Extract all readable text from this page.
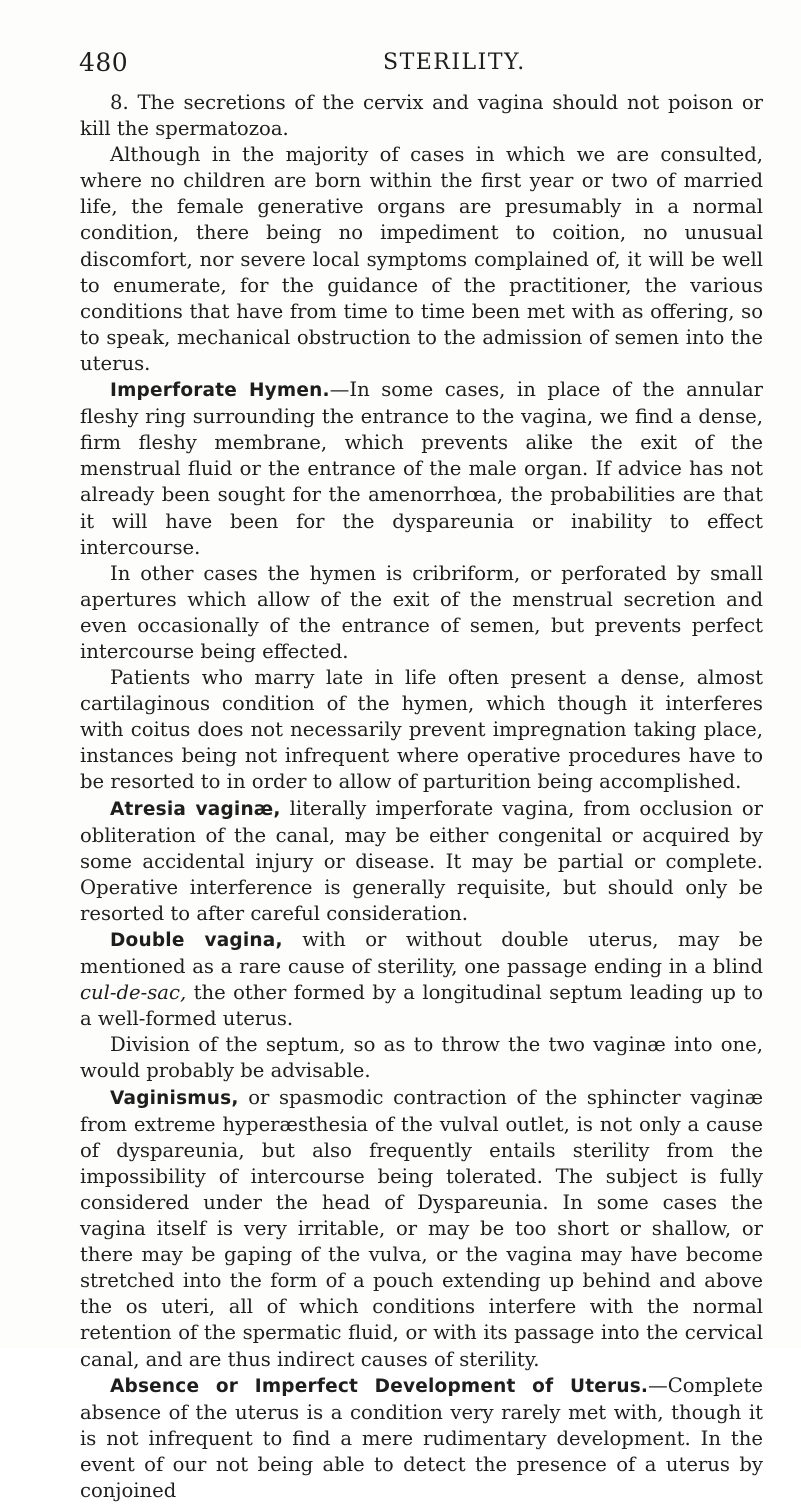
480	STERILITY.

8. The secretions of the cervix and vagina should not poison or kill the spermatozoa.

Although in the majority of cases in which we are consulted, where no children are born within the first year or two of married life, the female generative organs are presumably in a normal condition, there being no impediment to coition, no unusual discomfort, nor severe local symptoms complained of, it will be well to enumerate, for the guidance of the practitioner, the various conditions that have from time to time been met with as offering, so to speak, mechanical obstruction to the admission of semen into the uterus.

Imperforate Hymen.—In some cases, in place of the annular fleshy ring surrounding the entrance to the vagina, we find a dense, firm fleshy membrane, which prevents alike the exit of the menstrual fluid or the entrance of the male organ. If advice has not already been sought for the amenorrhœa, the probabilities are that it will have been for the dyspareunia or inability to effect intercourse.

In other cases the hymen is cribriform, or perforated by small apertures which allow of the exit of the menstrual secretion and even occasionally of the entrance of semen, but prevents perfect intercourse being effected.

Patients who marry late in life often present a dense, almost cartilaginous condition of the hymen, which though it interferes with coitus does not necessarily prevent impregnation taking place, instances being not infrequent where operative procedures have to be resorted to in order to allow of parturition being accomplished.

Atresia vaginæ, literally imperforate vagina, from occlusion or obliteration of the canal, may be either congenital or acquired by some accidental injury or disease. It may be partial or complete. Operative interference is generally requisite, but should only be resorted to after careful consideration.

Double vagina, with or without double uterus, may be mentioned as a rare cause of sterility, one passage ending in a blind cul-de-sac, the other formed by a longitudinal septum leading up to a well-formed uterus.

Division of the septum, so as to throw the two vaginæ into one, would probably be advisable.

Vaginismus, or spasmodic contraction of the sphincter vaginæ from extreme hyperæsthesia of the vulval outlet, is not only a cause of dyspareunia, but also frequently entails sterility from the impossibility of intercourse being tolerated. The subject is fully considered under the head of Dyspareunia. In some cases the vagina itself is very irritable, or may be too short or shallow, or there may be gaping of the vulva, or the vagina may have become stretched into the form of a pouch extending up behind and above the os uteri, all of which conditions interfere with the normal retention of the spermatic fluid, or with its passage into the cervical canal, and are thus indirect causes of sterility.

Absence or Imperfect Development of Uterus.—Complete absence of the uterus is a condition very rarely met with, though it is not infrequent to find a mere rudimentary development. In the event of our not being able to detect the presence of a uterus by conjoined
